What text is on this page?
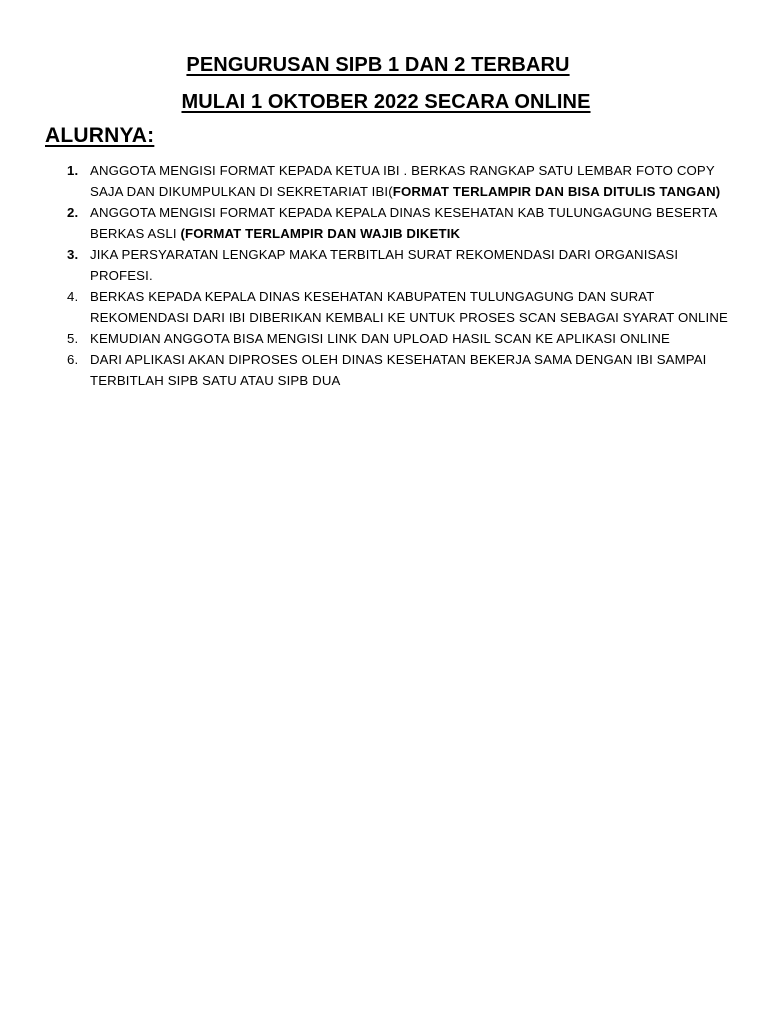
PENGURUSAN SIPB 1 DAN 2 TERBARU
MULAI 1 OKTOBER 2022 SECARA ONLINE
ALURNYA:
1. ANGGOTA MENGISI FORMAT KEPADA KETUA IBI . BERKAS RANGKAP SATU LEMBAR FOTO COPY SAJA DAN DIKUMPULKAN DI SEKRETARIAT IBI(FORMAT TERLAMPIR DAN BISA DITULIS TANGAN)
2. ANGGOTA MENGISI FORMAT KEPADA KEPALA DINAS KESEHATAN KAB TULUNGAGUNG BESERTA BERKAS ASLI (FORMAT TERLAMPIR DAN WAJIB DIKETIK
3. JIKA PERSYARATAN LENGKAP MAKA TERBITLAH SURAT REKOMENDASI DARI ORGANISASI PROFESI.
4. BERKAS KEPADA KEPALA DINAS KESEHATAN KABUPATEN TULUNGAGUNG DAN SURAT REKOMENDASI DARI IBI DIBERIKAN KEMBALI KE UNTUK PROSES SCAN SEBAGAI SYARAT ONLINE
5. KEMUDIAN ANGGOTA BISA MENGISI LINK DAN UPLOAD HASIL SCAN KE APLIKASI ONLINE
6. DARI APLIKASI AKAN DIPROSES OLEH DINAS KESEHATAN BEKERJA SAMA DENGAN IBI SAMPAI TERBITLAH SIPB SATU ATAU SIPB DUA
